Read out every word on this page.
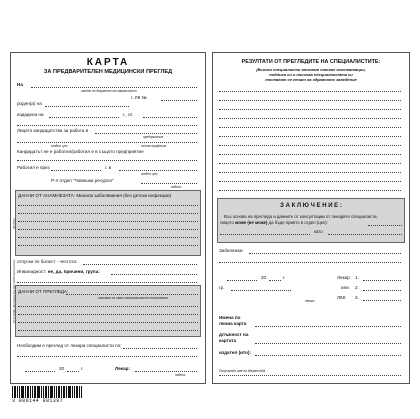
КАРТА
ЗА ПРЕДВАРИТЕЛЕН МЕДИЦИНСКИ ПРЕГЛЕД
На
името по документ за самоличност
г. ЛК №
роден(а) на
издадена на	г., от
Лицето кандидатства за работа в
предприятие
отдел, цех	точна професия
Кандидатът не е работил/работил е в същото предприятие
Работил е през	г. в
отдел, цех
Р-л отдел "Човешки ресурси"
подпис
ДАННИ ОТ АНАМНЕЗАТА: Минали заболявания (без детски инфекции)
отпуски по болест - честота:
Инвалидност: не, да, причини, група:
ДАННИ ОТ ПРЕГЛЕДА:
описват се само патологичните отклонения
Необходим е преглед от лекари специалисти по:
20	г.	Лекар:
подпис
ОПУ МЖЕ ДИ Фирм.БЦ 004 2005 Интерплекс
08.0512
РЕЗУЛТАТИ ОТ ПРЕГЛЕДИТЕ НА СПЕЦИАЛИСТИТЕ:
(Всички специалисти вписват своите констатации,
подписа си и посочва специалността си
поставят се печат на здравното заведение
З А К Л Ю Ч Е Н И Е :
Въз основа на прегледа и данните от консултации от лекарите специалисти,
лицето може (не може) да бъде приято в отдел (цех):
като
Забележка:
20	г.	Лекар	1.
гр.	или	2.
печат
ЛКК	3.
Имена по
лична карта
длъжност на
картата
издател (ито):
Получател име на декреттба
3 800144 801397
